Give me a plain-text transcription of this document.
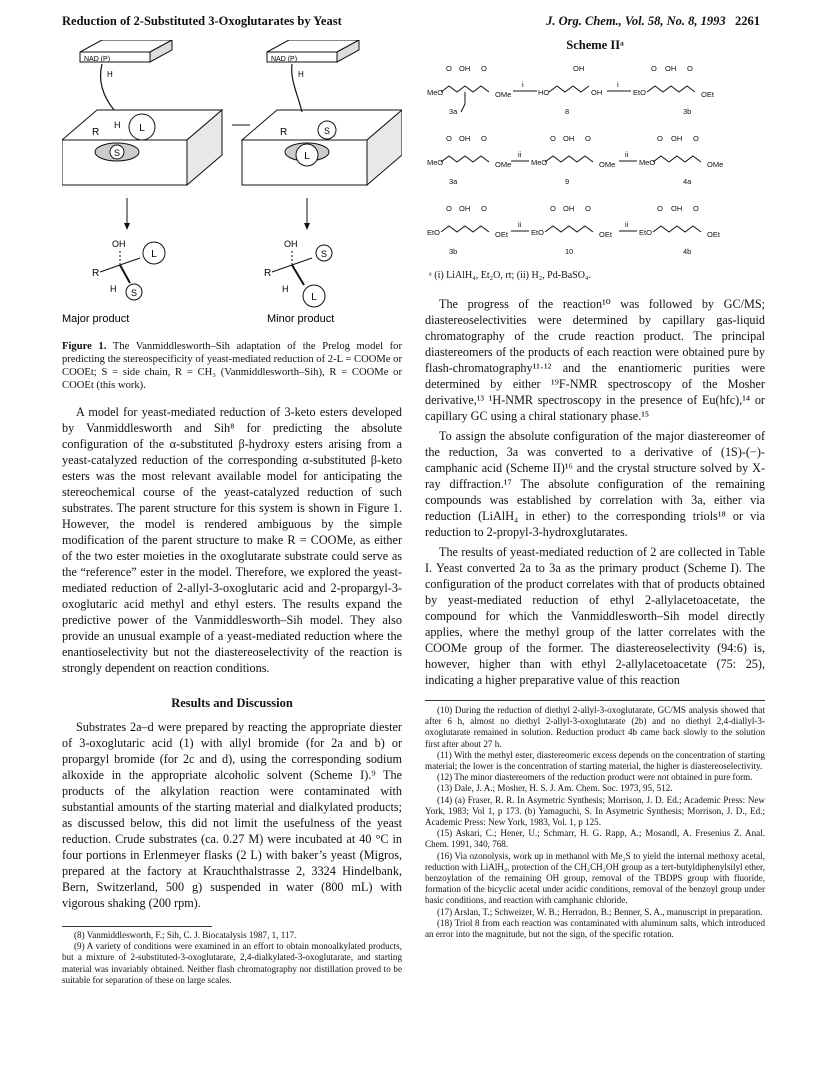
Reduction of 2-Substituted 3-Oxoglutarates by Yeast	J. Org. Chem., Vol. 58, No. 8, 1993 2261
L
S
R
H
NAD (P)
H
S
L
R
NAD (P)
H
OH
L
R
H S
Major product
OH
S
R
H
L
Minor product

Figure 1. The Vanmiddlesworth–Sih adaptation of the Prelog model for predicting the stereospecificity of yeast-mediated reduction of 2-L = COOMe or COOEt; S = side chain, R = CH₃ (Vanmiddlesworth–Sih), R = COOMe or COOEt (this work).

A model for yeast-mediated reduction of 3-keto esters developed by Vanmiddlesworth and Sih⁸ for predicting the absolute configuration of the α-substituted β-hydroxy esters arising from a yeast-catalyzed reduction of the corresponding α-substituted β-keto esters was the most relevant available model for anticipating the stereochemical course of the yeast-catalyzed reduction of such substrates. The parent structure for this system is shown in Figure 1. However, the model is rendered ambiguous by the simple modification of the parent structure to make R = COOMe, as either of the two ester moieties in the oxoglutarate substrate could serve as the “reference” ester in the model. Therefore, we explored the yeast-mediated reduction of 2-allyl-3-oxoglutaric acid and 2-propargyl-3-oxoglutaric acid methyl and ethyl esters. The results expand the predictive power of the Vanmiddlesworth–Sih model. They also provide an unusual example of a yeast-mediated reduction where the enantioselectivity but not the diastereoselectivity of the reaction is strongly dependent on reaction conditions.

Results and Discussion

Substrates 2a–d were prepared by reacting the appropriate diester of 3-oxoglutaric acid (1) with allyl bromide (for 2a and b) or propargyl bromide (for 2c and d), using the corresponding sodium alkoxide in the appropriate alcoholic solvent (Scheme I).⁹ The products of the alkylation reaction were contaminated with substantial amounts of the starting material and dialkylated products; as discussed below, this did not limit the usefulness of the yeast reduction. Crude substrates (ca. 0.27 M) were incubated at 40 °C in four portions in Erlenmeyer flasks (2 L) with baker’s yeast (Migros, prepared at the factory at Krauchthalstrasse 2, 3324 Hindelbank, Bern, Switzerland, 500 g) suspended in water (800 mL) with vigorous shaking (200 rpm).

(8) Vanmiddlesworth, F.; Sih, C. J. Biocatalysis 1987, 1, 117.

(9) A variety of conditions were examined in an effort to obtain monoalkylated products, but a mixture of 2-substituted-3-oxoglutarate, 2,4-dialkylated-3-oxoglutarate, and starting material was invariably obtained. Neither flash chromatography nor distillation proved to be suitable for separation of these on large scales.

Scheme IIᵃ
MeO
O OH O
OMe
3a
i
HO
OH
OH
8
i
EtO
O OH O
OEt
3b
MeO
O OH O
OMe
3a
ii
MeO
O OH O
OMe
9
ii
MeO
O OH O
OMe
4a
EtO
O OH O
OEt
3b
ii
EtO
O OH O
OEt
10
ii
EtO
O OH O
OEt
4b

ᵃ (i) LiAlH₄, Et₂O, rt; (ii) H₂, Pd-BaSO₄.

The progress of the reaction¹⁰ was followed by GC/MS; diastereoselectivities were determined by capillary gas-liquid chromatography of the crude reaction product. The principal diastereomers of the products of each reaction were obtained pure by flash-chromatography¹¹·¹² and the enantiomeric purities were determined by either ¹⁹F-NMR spectroscopy of the Mosher derivative,¹³ ¹H-NMR spectroscopy in the presence of Eu(hfc),¹⁴ or capillary GC using a chiral stationary phase.¹⁵

To assign the absolute configuration of the major diastereomer of the reduction, 3a was converted to a derivative of (1S)-(−)- camphanic acid (Scheme II)¹⁶ and the crystal structure solved by X-ray diffraction.¹⁷ The absolute configuration of the remaining compounds was established by correlation with 3a, either via reduction (LiAlH₄ in ether) to the corresponding triols¹⁸ or via reduction to 2-propyl-3-hydroxglutarates.

The results of yeast-mediated reduction of 2 are collected in Table I. Yeast converted 2a to 3a as the primary product (Scheme I). The configuration of the product correlates with that of products obtained by yeast-mediated reduction of ethyl 2-allylacetoacetate, the compound for which the Vanmiddlesworth–Sih model directly applies, where the methyl group of the latter correlates with the COOMe group of the former. The diastereoselectivity (94:6) is, however, higher than with ethyl 2-allylacetoacetate (75: 25), indicating a higher preparative value of this reaction

(10) During the reduction of diethyl 2-allyl-3-oxoglutarate, GC/MS analysis showed that after 6 h, almost no diethyl 2-allyl-3-oxoglutarate (2b) and no diethyl 2,4-diallyl-3-oxoglutarate remained in solution. Reduction product 4b came back slowly to the solution first after about 27 h.

(11) With the methyl ester, diastereomeric excess depends on the concentration of starting material; the lower is the concentration of starting material, the higher is diastereoselectivity.

(12) The minor diastereomers of the reduction product were not obtained in pure form.

(13) Dale, J. A.; Mosher, H. S. J. Am. Chem. Soc. 1973, 95, 512.

(14) (a) Fraser, R. R. In Asymetric Synthesis; Morrison, J. D. Ed.; Academic Press: New York, 1983; Vol 1, p 173. (b) Yamaguchi, S. In Asymetric Synthesis; Morrison, J. D., Ed.; Academic Press: New York, 1983, Vol. 1, p 125.

(15) Askari, C.; Hener, U.; Schmarr, H. G. Rapp, A.; Mosandl, A. Fresenius Z. Anal. Chem. 1991, 340, 768.

(16) Via ozonolysis, work up in methanol with Me₂S to yield the internal methoxy acetal, reduction with LiAlH₄, protection of the CH₂CH₂OH group as a tert-butyldiphenylsilyl ether, benzoylation of the remaining OH group, removal of the TBDPS group with fluoride, formation of the bicyclic acetal under acidic conditions, removal of the benzoyl group under basic conditions, and reaction with camphanic chloride.

(17) Arslan, T.; Schweizer, W. B.; Herradon, B.; Benner, S. A., manuscript in preparation.

(18) Triol 8 from each reaction was contaminated with aluminum salts, which introduced an error into the magnitude, but not the sign, of the specific rotation.
